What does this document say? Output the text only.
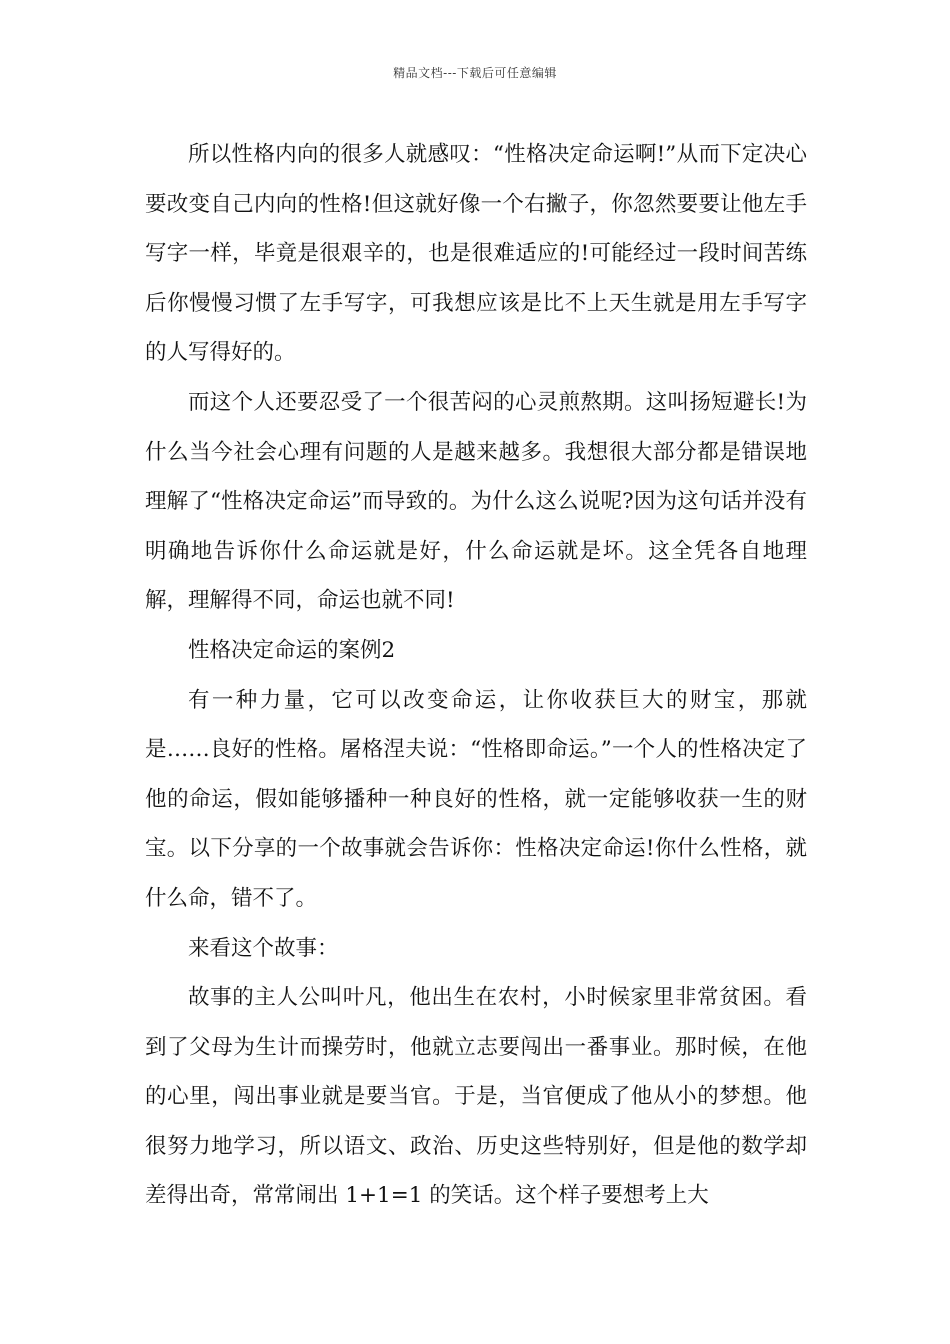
精品文档---下载后可任意编辑

所以性格内向的很多人就感叹：“性格决定命运啊!”从而下定决心要改变自己内向的性格!但这就好像一个右撇子，你忽然要要让他左手写字一样，毕竟是很艰辛的，也是很难适应的!可能经过一段时间苦练后你慢慢习惯了左手写字，可我想应该是比不上天生就是用左手写字的人写得好的。

而这个人还要忍受了一个很苦闷的心灵煎熬期。这叫扬短避长!为什么当今社会心理有问题的人是越来越多。我想很大部分都是错误地理解了“性格决定命运”而导致的。为什么这么说呢?因为这句话并没有明确地告诉你什么命运就是好，什么命运就是坏。这全凭各自地理解，理解得不同，命运也就不同!

性格决定命运的案例2

有一种力量，它可以改变命运，让你收获巨大的财宝，那就是……良好的性格。屠格涅夫说：“性格即命运。”一个人的性格决定了他的命运，假如能够播种一种良好的性格，就一定能够收获一生的财宝。以下分享的一个故事就会告诉你：性格决定命运!你什么性格，就什么命，错不了。

来看这个故事：

故事的主人公叫叶凡，他出生在农村，小时候家里非常贫困。看到了父母为生计而操劳时，他就立志要闯出一番事业。那时候，在他的心里，闯出事业就是要当官。于是，当官便成了他从小的梦想。他很努力地学习，所以语文、政治、历史这些特别好，但是他的数学却差得出奇，常常闹出 1+1=1 的笑话。这个样子要想考上大
